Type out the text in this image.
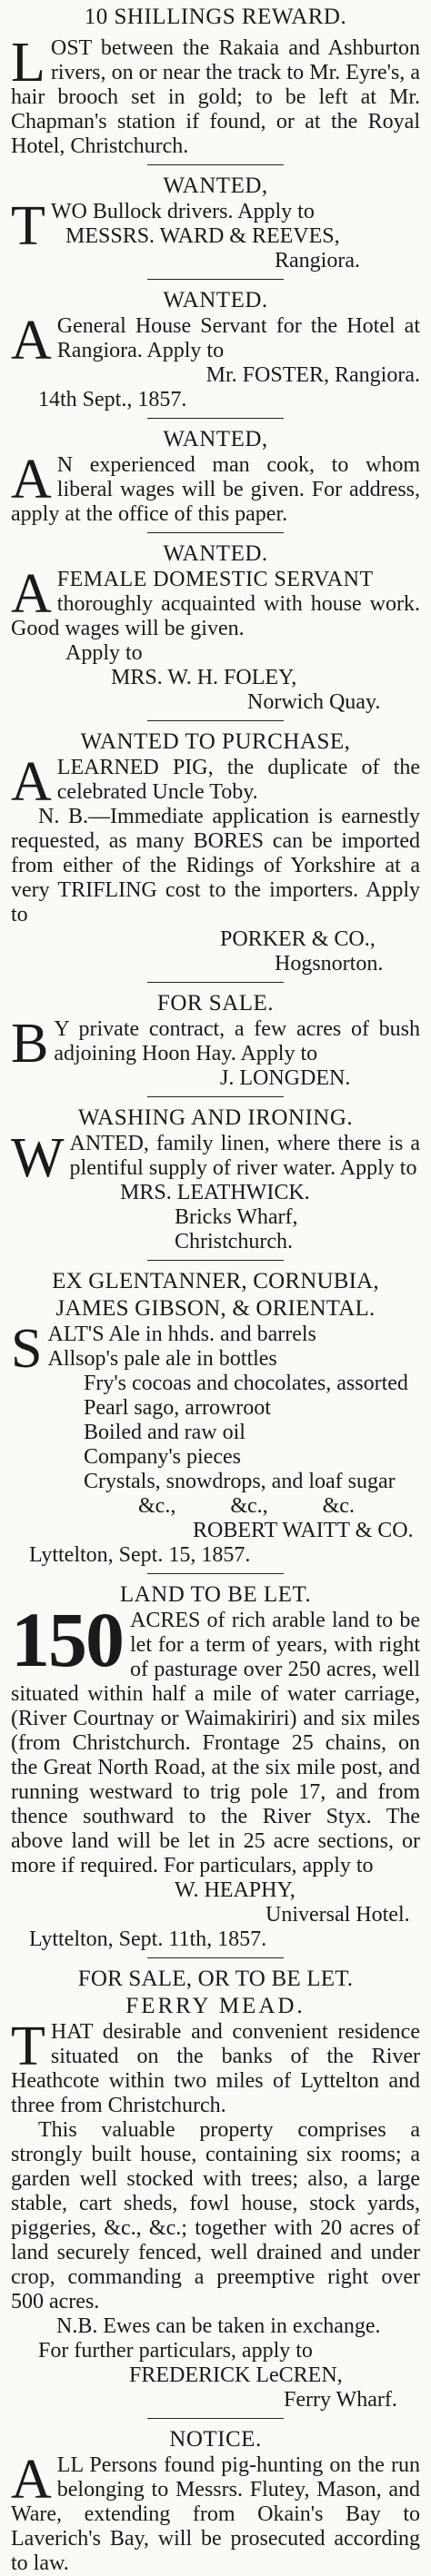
10 SHILLINGS REWARD.
LOST between the Rakaia and Ashburton rivers, on or near the track to Mr. Eyre's, a hair brooch set in gold; to be left at Mr. Chapman's station if found, or at the Royal Hotel, Christchurch.
WANTED,
T WO Bullock drivers. Apply to
MESSRS. WARD & REEVES,
Rangiora.
WANTED.
A General House Servant for the Hotel at Rangiora. Apply to
Mr. FOSTER, Rangiora.
14th Sept., 1857.
WANTED,
A N experienced man cook, to whom liberal wages will be given. For address, apply at the office of this paper.
WANTED.
A FEMALE DOMESTIC SERVANT
thoroughly acquainted with house work. Good wages will be given.
Apply to
MRS. W. H. FOLEY,
Norwich Quay.
WANTED TO PURCHASE,
ALEARNED PIG, the duplicate of the celebrated Uncle Toby.
N. B.—Immediate application is earnestly requested, as many BORES can be imported from either of the Ridings of Yorkshire at a very TRIFLING cost to the importers. Apply to
PORKER & CO.,
Hogsnorton.
FOR SALE.
B Y private contract, a few acres of bush adjoining Hoon Hay. Apply to
J. LONGDEN.
WASHING AND IRONING.
WANTED, family linen, where there is a plentiful supply of river water. Apply to
MRS. LEATHWICK.
Bricks Wharf, Christchurch.
EX GLENTANNER, CORNUBIA,
JAMES GIBSON, & ORIENTAL.
S ALT'S Ale in hhds. and barrels
Allsop's pale ale in bottles
Fry's cocoas and chocolates, assorted
Pearl sago, arrowroot
Boiled and raw oil
Company's pieces
Crystals, snowdrops, and loaf sugar
&c.,          &c.,          &c.
ROBERT WAITT & CO.
Lyttelton, Sept. 15, 1857.
LAND TO BE LET.
150 ACRES of rich arable land to be let for a term of years, with right of pasturage over 250 acres, well situated within half a mile of water carriage, (River Courtnay or Waimakiriri) and six miles (from Christchurch. Frontage 25 chains, on the Great North Road, at the six mile post, and running westward to trig pole 17, and from thence southward to the River Styx. The above land will be let in 25 acre sections, or more if required. For particulars, apply to
W. HEAPHY,
Universal Hotel.
Lyttelton, Sept. 11th, 1857.
FOR SALE, OR TO BE LET.
FERRY MEAD.
THAT desirable and convenient residence situated on the banks of the River Heathcote within two miles of Lyttelton and three from Christchurch.
This valuable property comprises a strongly built house, containing six rooms; a garden well stocked with trees; also, a large stable, cart sheds, fowl house, stock yards, piggeries, &c., &c.; together with 20 acres of land securely fenced, well drained and under crop, commanding a preemptive right over 500 acres.
N.B. Ewes can be taken in exchange.
For further particulars, apply to
FREDERICK LeCREN,
Ferry Wharf.
NOTICE.
ALL Persons found pig-hunting on the run belonging to Messrs. Flutey, Mason, and Ware, extending from Okain's Bay to Laverich's Bay, will be prosecuted according to law.
